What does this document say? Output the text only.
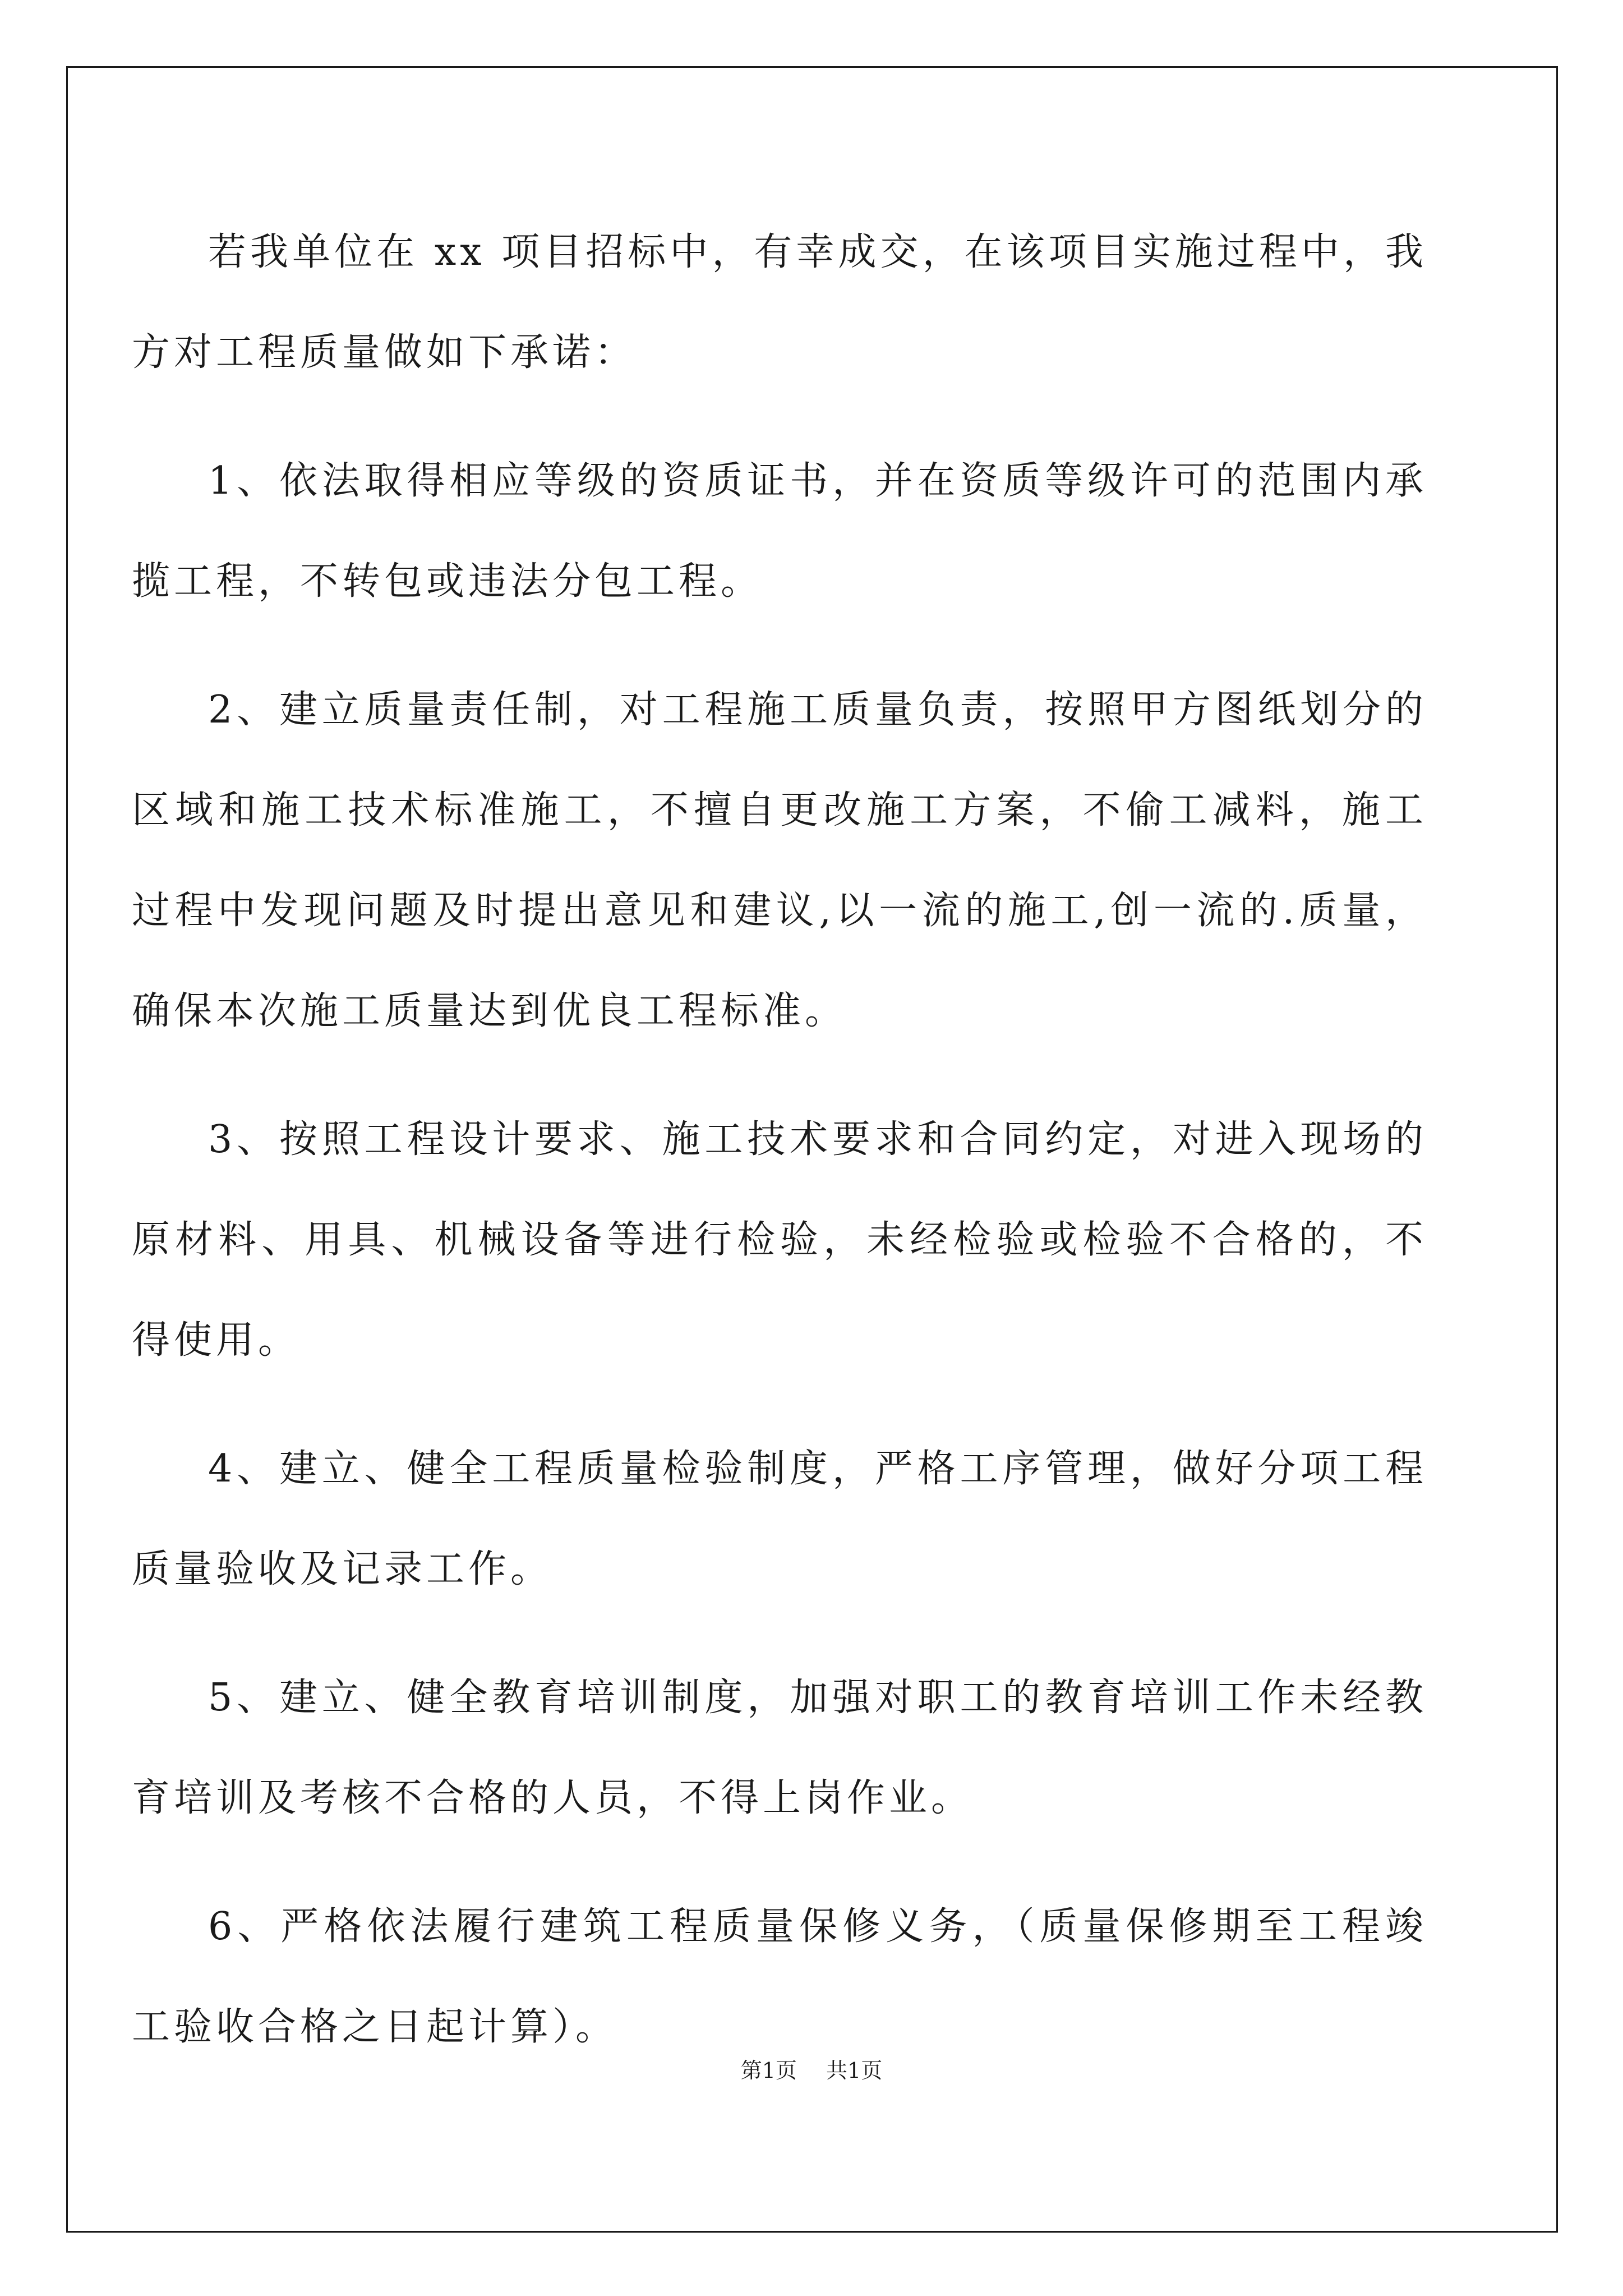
若我单位在 xx 项目招标中，有幸成交，在该项目实施过程中，我方对工程质量做如下承诺：

1、依法取得相应等级的资质证书，并在资质等级许可的范围内承揽工程，不转包或违法分包工程。

2、建立质量责任制，对工程施工质量负责，按照甲方图纸划分的区域和施工技术标准施工，不擅自更改施工方案，不偷工减料，施工过程中发现问题及时提出意见和建议,以一流的施工,创一流的.质量，确保本次施工质量达到优良工程标准。

3、按照工程设计要求、施工技术要求和合同约定，对进入现场的原材料、用具、机械设备等进行检验，未经检验或检验不合格的，不得使用。

4、建立、健全工程质量检验制度，严格工序管理，做好分项工程质量验收及记录工作。

5、建立、健全教育培训制度，加强对职工的教育培训工作未经教育培训及考核不合格的人员，不得上岗作业。

6、严格依法履行建筑工程质量保修义务，（质量保修期至工程竣工验收合格之日起计算）。

第1页 共1页
